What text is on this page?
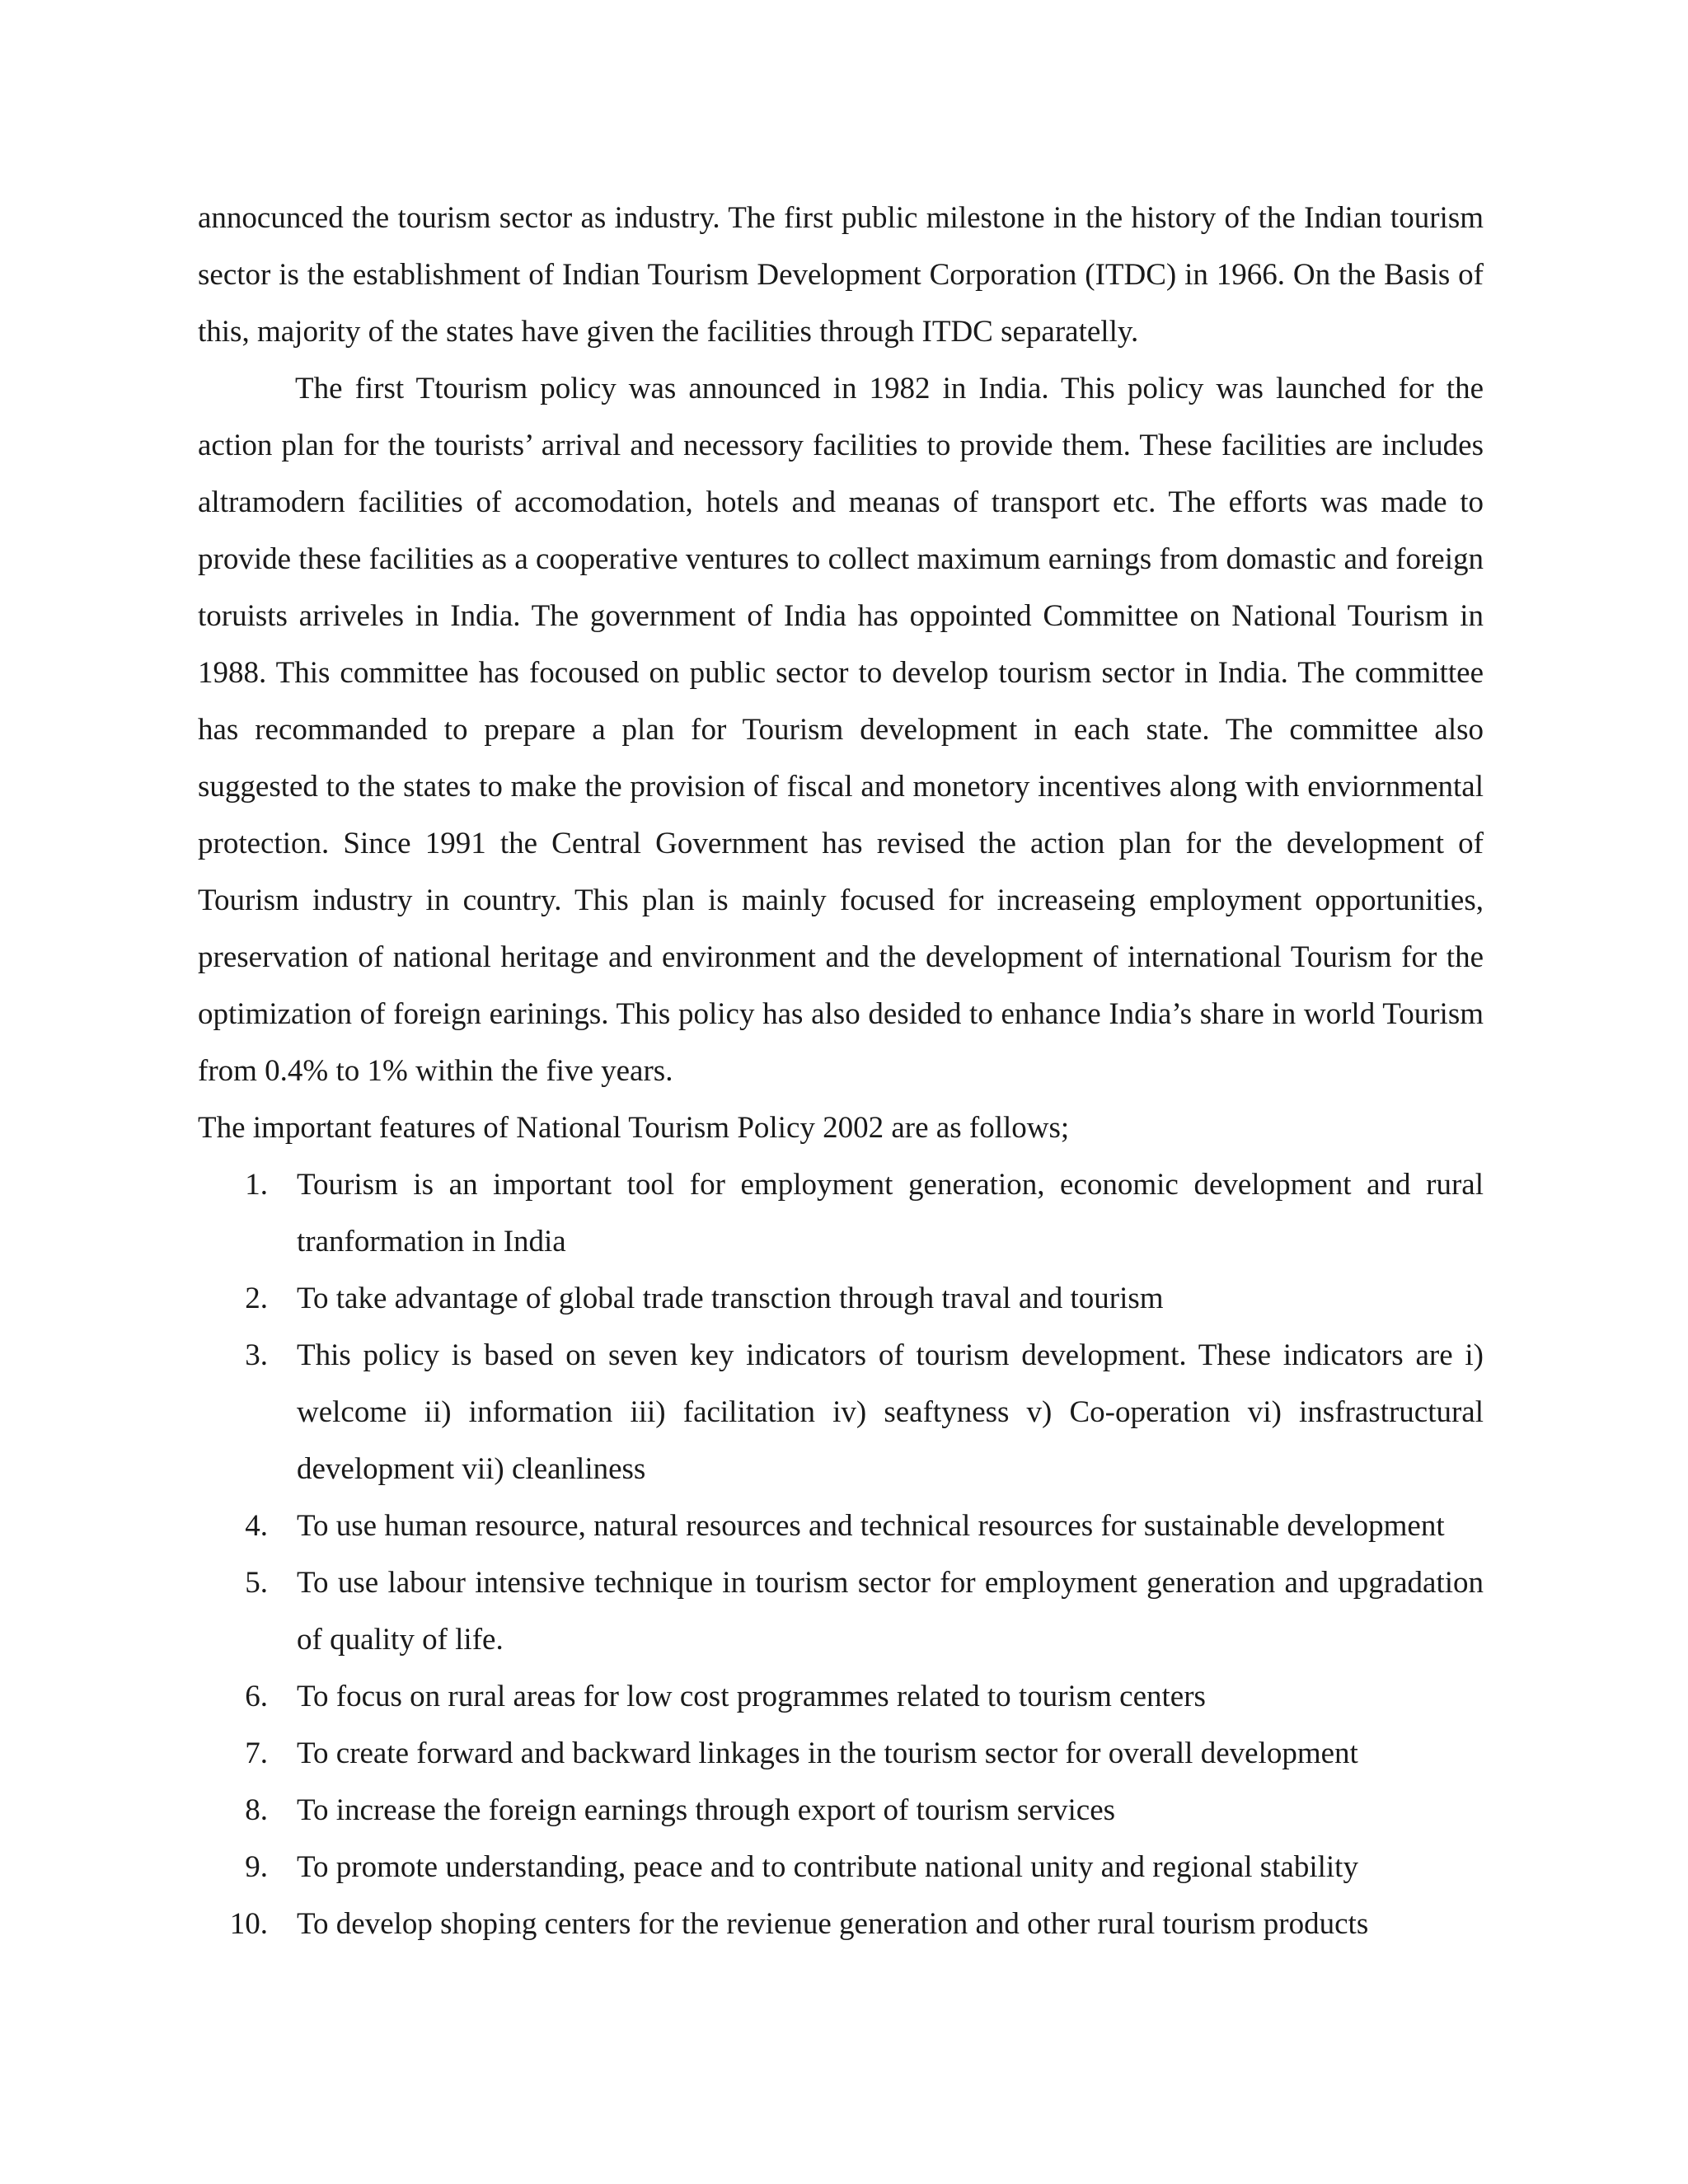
annocunced the tourism sector as industry. The first public milestone in the history of the Indian tourism sector is the establishment of Indian Tourism Development Corporation (ITDC) in 1966. On the Basis of this, majority of the states have given the facilities through ITDC separatelly.

The first Ttourism policy was announced in 1982 in India. This policy was launched for the action plan for the tourists’ arrival and necessory facilities to provide them. These facilities are includes altramodern facilities of accomodation, hotels and meanas of transport etc. The efforts was made to provide these facilities as a cooperative ventures to collect maximum earnings from domastic and foreign toruists arriveles in India. The government of India has oppointed Committee on National Tourism in 1988. This committee has focoused on public sector to develop tourism sector in India. The committee has recommanded to prepare a plan for Tourism development in each state. The committee also suggested to the states to make the provision of fiscal and monetory incentives along with enviornmental protection. Since 1991 the Central Government has revised the action plan for the development of Tourism industry in country. This plan is mainly focused for increaseing employment opportunities, preservation of national heritage and environment and the development of international Tourism for the optimization of foreign earinings. This policy has also desided to enhance India’s share in world Tourism from 0.4% to 1% within the five years.

The important features of National Tourism Policy 2002 are as follows;

1. Tourism is an important tool for employment generation, economic development and rural tranformation in India
2. To take advantage of global trade transction through traval and tourism
3. This policy is based on seven key indicators of tourism development. These indicators are i) welcome ii) information iii) facilitation iv) seaftyness v) Co-operation vi) insfrastructural development vii) cleanliness
4. To use human resource, natural resources and technical resources for sustainable development
5. To use labour intensive technique in tourism sector for employment generation and upgradation of quality of life.
6. To focus on rural areas for low cost programmes related to tourism centers
7. To create forward and backward linkages in the tourism sector for overall development
8. To increase the foreign earnings through export of tourism services
9. To promote understanding, peace and to contribute national unity and regional stability
10. To develop shoping centers for the revienue generation and other rural tourism products
